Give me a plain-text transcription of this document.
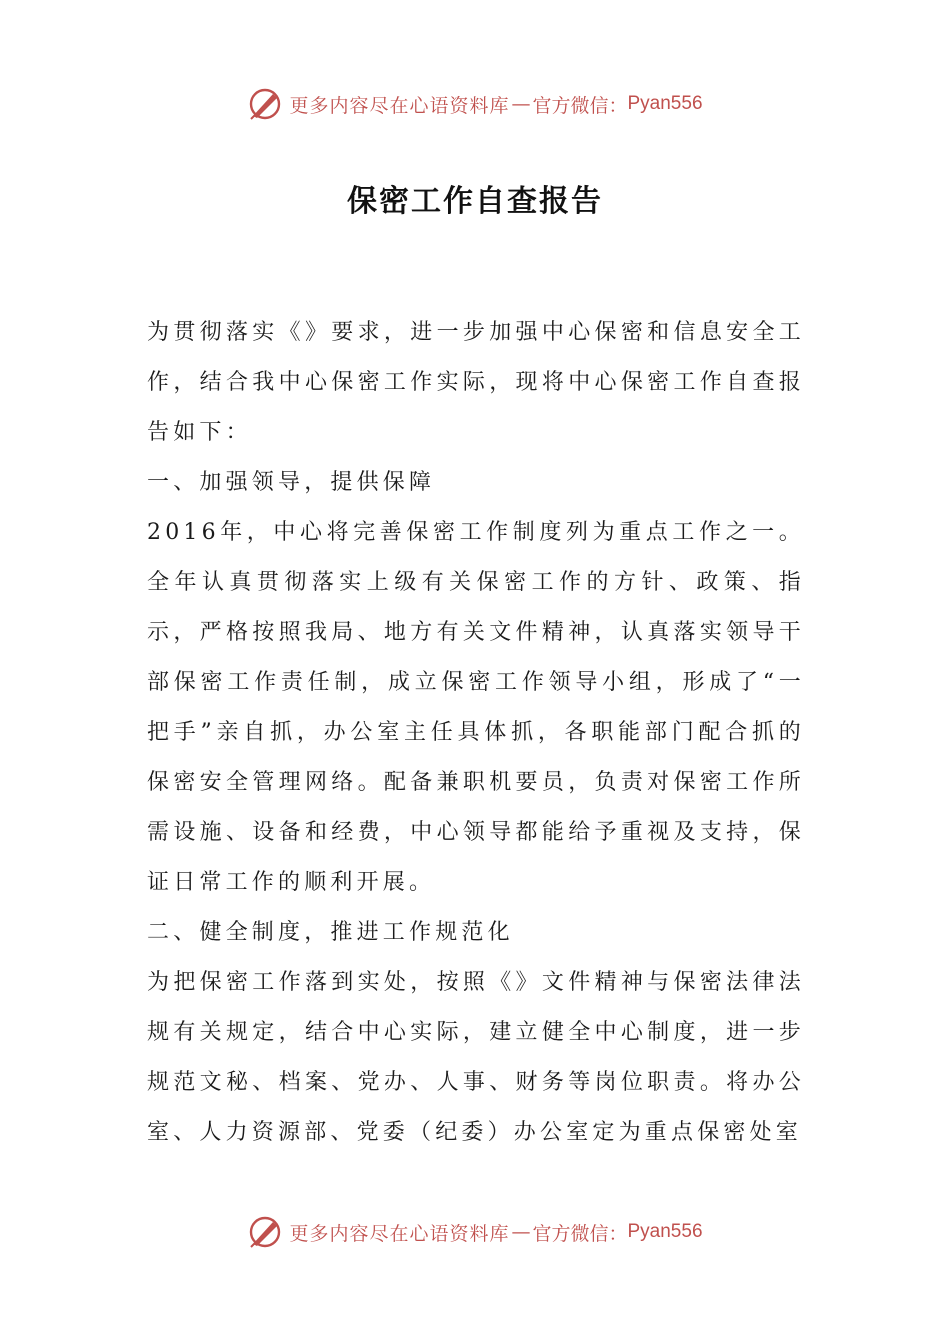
更多内容尽在心语资料库 — 官方微信： Pyan556
保密工作自查报告

为贯彻落实《》要求，进一步加强中心保密和信息安全工作，结合我中心保密工作实际，现将中心保密工作自查报告如下：

一、加强领导，提供保障

2016年，中心将完善保密工作制度列为重点工作之一。全年认真贯彻落实上级有关保密工作的方针、政策、指示，严格按照我局、地方有关文件精神，认真落实领导干部保密工作责任制，成立保密工作领导小组，形成了“一把手”亲自抓，办公室主任具体抓，各职能部门配合抓的保密安全管理网络。配备兼职机要员，负责对保密工作所需设施、设备和经费，中心领导都能给予重视及支持，保证日常工作的顺利开展。

二、健全制度，推进工作规范化

为把保密工作落到实处，按照《》文件精神与保密法律法规有关规定，结合中心实际，建立健全中心制度，进一步规范文秘、档案、党办、人事、财务等岗位职责。将办公室、人力资源部、党委（纪委）办公室定为重点保密处室

更多内容尽在心语资料库 — 官方微信： Pyan556
